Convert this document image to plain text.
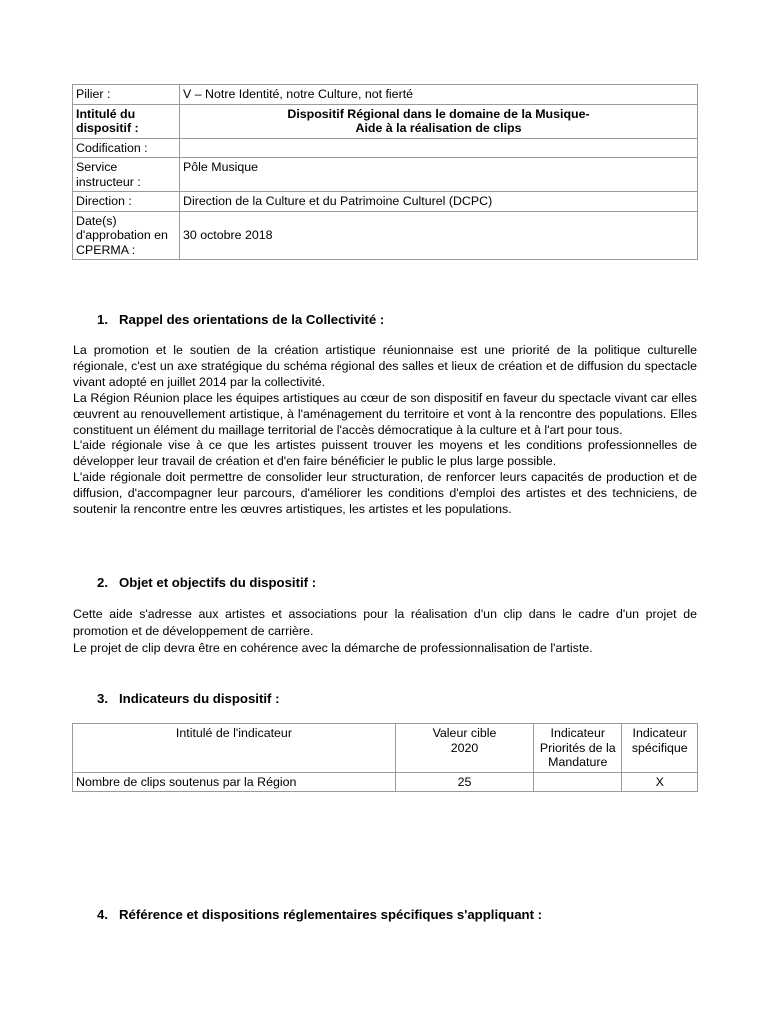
Pilier :	V – Notre Identité, notre Culture, not fierté
Intitulé du dispositif :	Dispositif Régional dans le domaine de la Musique-
Aide à la réalisation de clips

Codification :	
Service instructeur :	Pôle Musique
Direction :	Direction de la Culture et du Patrimoine Culturel (DCPC)
Date(s) d'approbation en CPERMA :	30 octobre 2018
1. Rappel des orientations de la Collectivité :

La promotion et le soutien de la création artistique réunionnaise est une priorité de la politique culturelle régionale, c'est un axe stratégique du schéma régional des salles et lieux de création et de diffusion du spectacle vivant adopté en juillet 2014 par la collectivité.

La Région Réunion place les équipes artistiques au cœur de son dispositif en faveur du spectacle vivant car elles œuvrent au renouvellement artistique, à l'aménagement du territoire et vont à la rencontre des populations. Elles constituent un élément du maillage territorial de l'accès démocratique à la culture et à l'art pour tous.

L'aide régionale vise à ce que les artistes puissent trouver les moyens et les conditions professionnelles de développer leur travail de création et d'en faire bénéficier le public le plus large possible.

L'aide régionale doit permettre de consolider leur structuration, de renforcer leurs capacités de production et de diffusion, d'accompagner leur parcours, d'améliorer les conditions d'emploi des artistes et des techniciens, de soutenir la rencontre entre les œuvres artistiques, les artistes et les populations.

2. Objet et objectifs du dispositif :

Cette aide s'adresse aux artistes et associations pour la réalisation d'un clip dans le cadre d'un projet de promotion et de développement de carrière.

Le projet de clip devra être en cohérence avec la démarche de professionnalisation de l'artiste.

3. Indicateurs du dispositif :
Intitulé de l'indicateur	Valeur cible 2020	Indicateur Priorités de la Mandature	Indicateur spécifique
Nombre de clips soutenus par la Région	25		X
4. Référence et dispositions réglementaires spécifiques s'appliquant :
